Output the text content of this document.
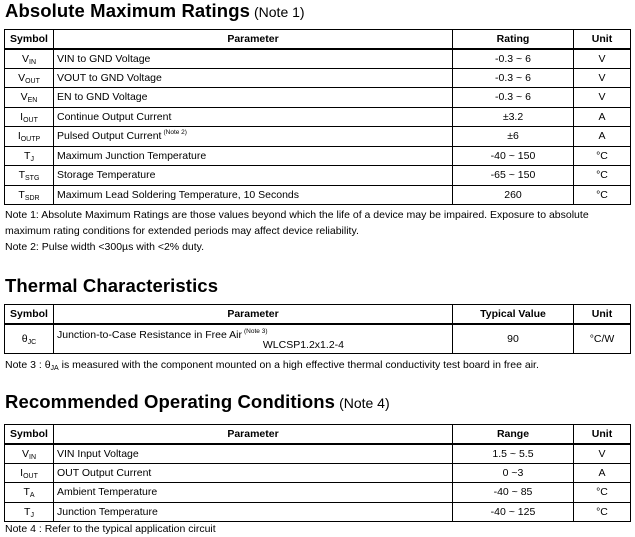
Absolute Maximum Ratings (Note 1)
Symbol	Parameter	Rating	Unit
$V_{IN}$	VIN to GND Voltage	-0.3 ~ 6	V
$V_{OUT}$	VOUT to GND Voltage	-0.3 ~ 6	V
$V_{EN}$	EN to GND Voltage	-0.3 ~ 6	V
$I_{OUT}$	Continue Output Current	±3.2	A
$I_{OUTP}$	Pulsed Output Current $^{(Note 2)}$	±6	A
$T_J$	Maximum Junction Temperature	-40 ~ 150	°C
$T_{STG}$	Storage Temperature	-65 ~ 150	°C
$T_{SDR}$	Maximum Lead Soldering Temperature, 10 Seconds	260	°C

Note 1: Absolute Maximum Ratings are those values beyond which the life of a device may be impaired. Exposure to absolute maximum rating conditions for extended periods may affect device reliability.

Note 2: Pulse width <300µs with <2% duty.

Thermal Characteristics
Symbol	Parameter	Typical Value	Unit
$\theta_{JC}$	Junction-to-Case Resistance in Free Air $^{(Note 3)}$
WLCSP1.2x1.2-4	90	°C/W

Note 3 : $\theta_{JA}$ is measured with the component mounted on a high effective thermal conductivity test board in free air.

Recommended Operating Conditions (Note 4)
Symbol	Parameter	Range	Unit
$V_{IN}$	VIN Input Voltage	1.5 ~ 5.5	V
$I_{OUT}$	OUT Output Current	0 ~3	A
$T_A$	Ambient Temperature	-40 ~ 85	°C
$T_J$	Junction Temperature	-40 ~ 125	°C

Note 4 : Refer to the typical application circuit
